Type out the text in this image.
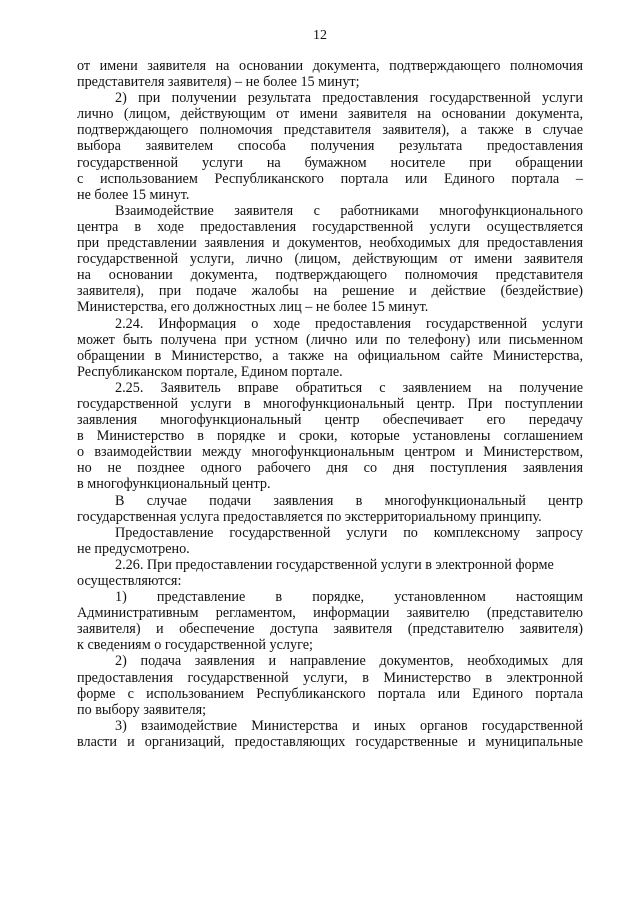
12
от имени заявителя на основании документа, подтверждающего полномочия
представителя заявителя) – не более 15 минут;
2) при получении результата предоставления государственной услуги
лично (лицом, действующим от имени заявителя на основании документа,
подтверждающего полномочия представителя заявителя), а также в случае
выбора заявителем способа получения результата предоставления
государственной услуги на бумажном носителе при обращении
с использованием Республиканского портала или Единого портала –
не более 15 минут.
Взаимодействие заявителя с работниками многофункционального
центра в ходе предоставления государственной услуги осуществляется
при представлении заявления и документов, необходимых для предоставления
государственной услуги, лично (лицом, действующим от имени заявителя
на основании документа, подтверждающего полномочия представителя
заявителя), при подаче жалобы на решение и действие (бездействие)
Министерства, его должностных лиц – не более 15 минут.
2.24. Информация о ходе предоставления государственной услуги
может быть получена при устном (лично или по телефону) или письменном
обращении в Министерство, а также на официальном сайте Министерства,
Республиканском портале, Едином портале.
2.25. Заявитель вправе обратиться с заявлением на получение
государственной услуги в многофункциональный центр. При поступлении
заявления многофункциональный центр обеспечивает его передачу
в Министерство в порядке и сроки, которые установлены соглашением
о взаимодействии между многофункциональным центром и Министерством,
но не позднее одного рабочего дня со дня поступления заявления
в многофункциональный центр.
В случае подачи заявления в многофункциональный центр
государственная услуга предоставляется по экстерриториальному принципу.
Предоставление государственной услуги по комплексному запросу
не предусмотрено.
2.26. При предоставлении государственной услуги в электронной форме
осуществляются:
1) представление в порядке, установленном настоящим
Административным регламентом, информации заявителю (представителю
заявителя) и обеспечение доступа заявителя (представителю заявителя)
к сведениям о государственной услуге;
2) подача заявления и направление документов, необходимых для
предоставления государственной услуги, в Министерство в электронной
форме с использованием Республиканского портала или Единого портала
по выбору заявителя;
3) взаимодействие Министерства и иных органов государственной
власти и организаций, предоставляющих государственные и муниципальные
